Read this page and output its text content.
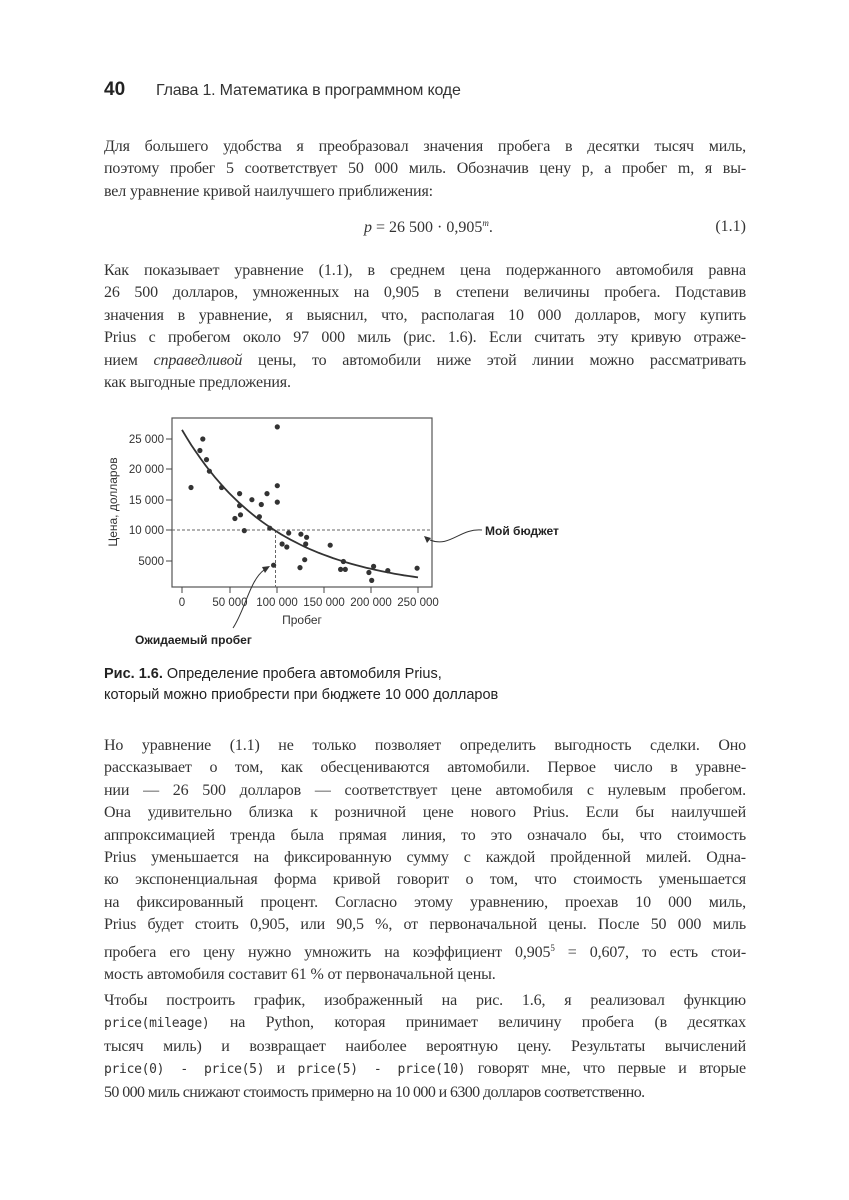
40	Глава 1. Математика в программном коде
Для большего удобства я преобразовал значения пробега в десятки тысяч миль,
поэтому пробег 5 соответствует 50 000 миль. Обозначив цену p, а пробег m, я вы-
вел уравнение кривой наилучшего приближения:
p = 26 $500 \cdot 0,905^m$.	(1.1)
Как показывает уравнение (1.1), в среднем цена подержанного автомобиля равна
26 500 долларов, умноженных на 0,905 в степени величины пробега. Подставив
значения в уравнение, я выяснил, что, располагая 10 000 долларов, могу купить
Prius с пробегом около 97 000 миль (рис. 1.6). Если считать эту кривую отраже-
нием справедливой цены, то автомобили ниже этой линии можно рассматривать
как выгодные предложения.
25 000
20 000
15 000
10 000
5000
0 50 000 100 000 150 000 200 000 250 000
Пробег
Цена, долларов	Мой бюджет
Ожидаемый пробег
Рис. 1.6. Определение пробега автомобиля Prius,
который можно приобрести при бюджете 10 000 долларов
Но уравнение (1.1) не только позволяет определить выгодность сделки. Оно
рассказывает о том, как обесцениваются автомобили. Первое число в уравне-
нии — 26 500 долларов — соответствует цене автомобиля с нулевым пробегом.
Она удивительно близка к розничной цене нового Prius. Если бы наилучшей
аппроксимацией тренда была прямая линия, то это означало бы, что стоимость
Prius уменьшается на фиксированную сумму с каждой пройденной милей. Одна-
ко экспоненциальная форма кривой говорит о том, что стоимость уменьшается
на фиксированный процент. Согласно этому уравнению, проехав 10 000 миль,
Prius будет стоить 0,905, или 90,5 %, от первоначальной цены. После 50 000 миль
пробега его цену нужно умножить на коэффициент $0,905^5 = 0,607$, то есть стои-
мость автомобиля составит 61 % от первоначальной цены.
Чтобы построить график, изображенный на рис. 1.6, я реализовал функцию
price(mileage) на Python, которая принимает величину пробега (в десятках
тысяч миль) и возвращает наиболее вероятную цену. Результаты вычислений
price(0) - price(5) и price(5) - price(10) говорят мне, что первые и вторые
50 000 миль снижают стоимость примерно на 10 000 и 6300 долларов соответственно.
